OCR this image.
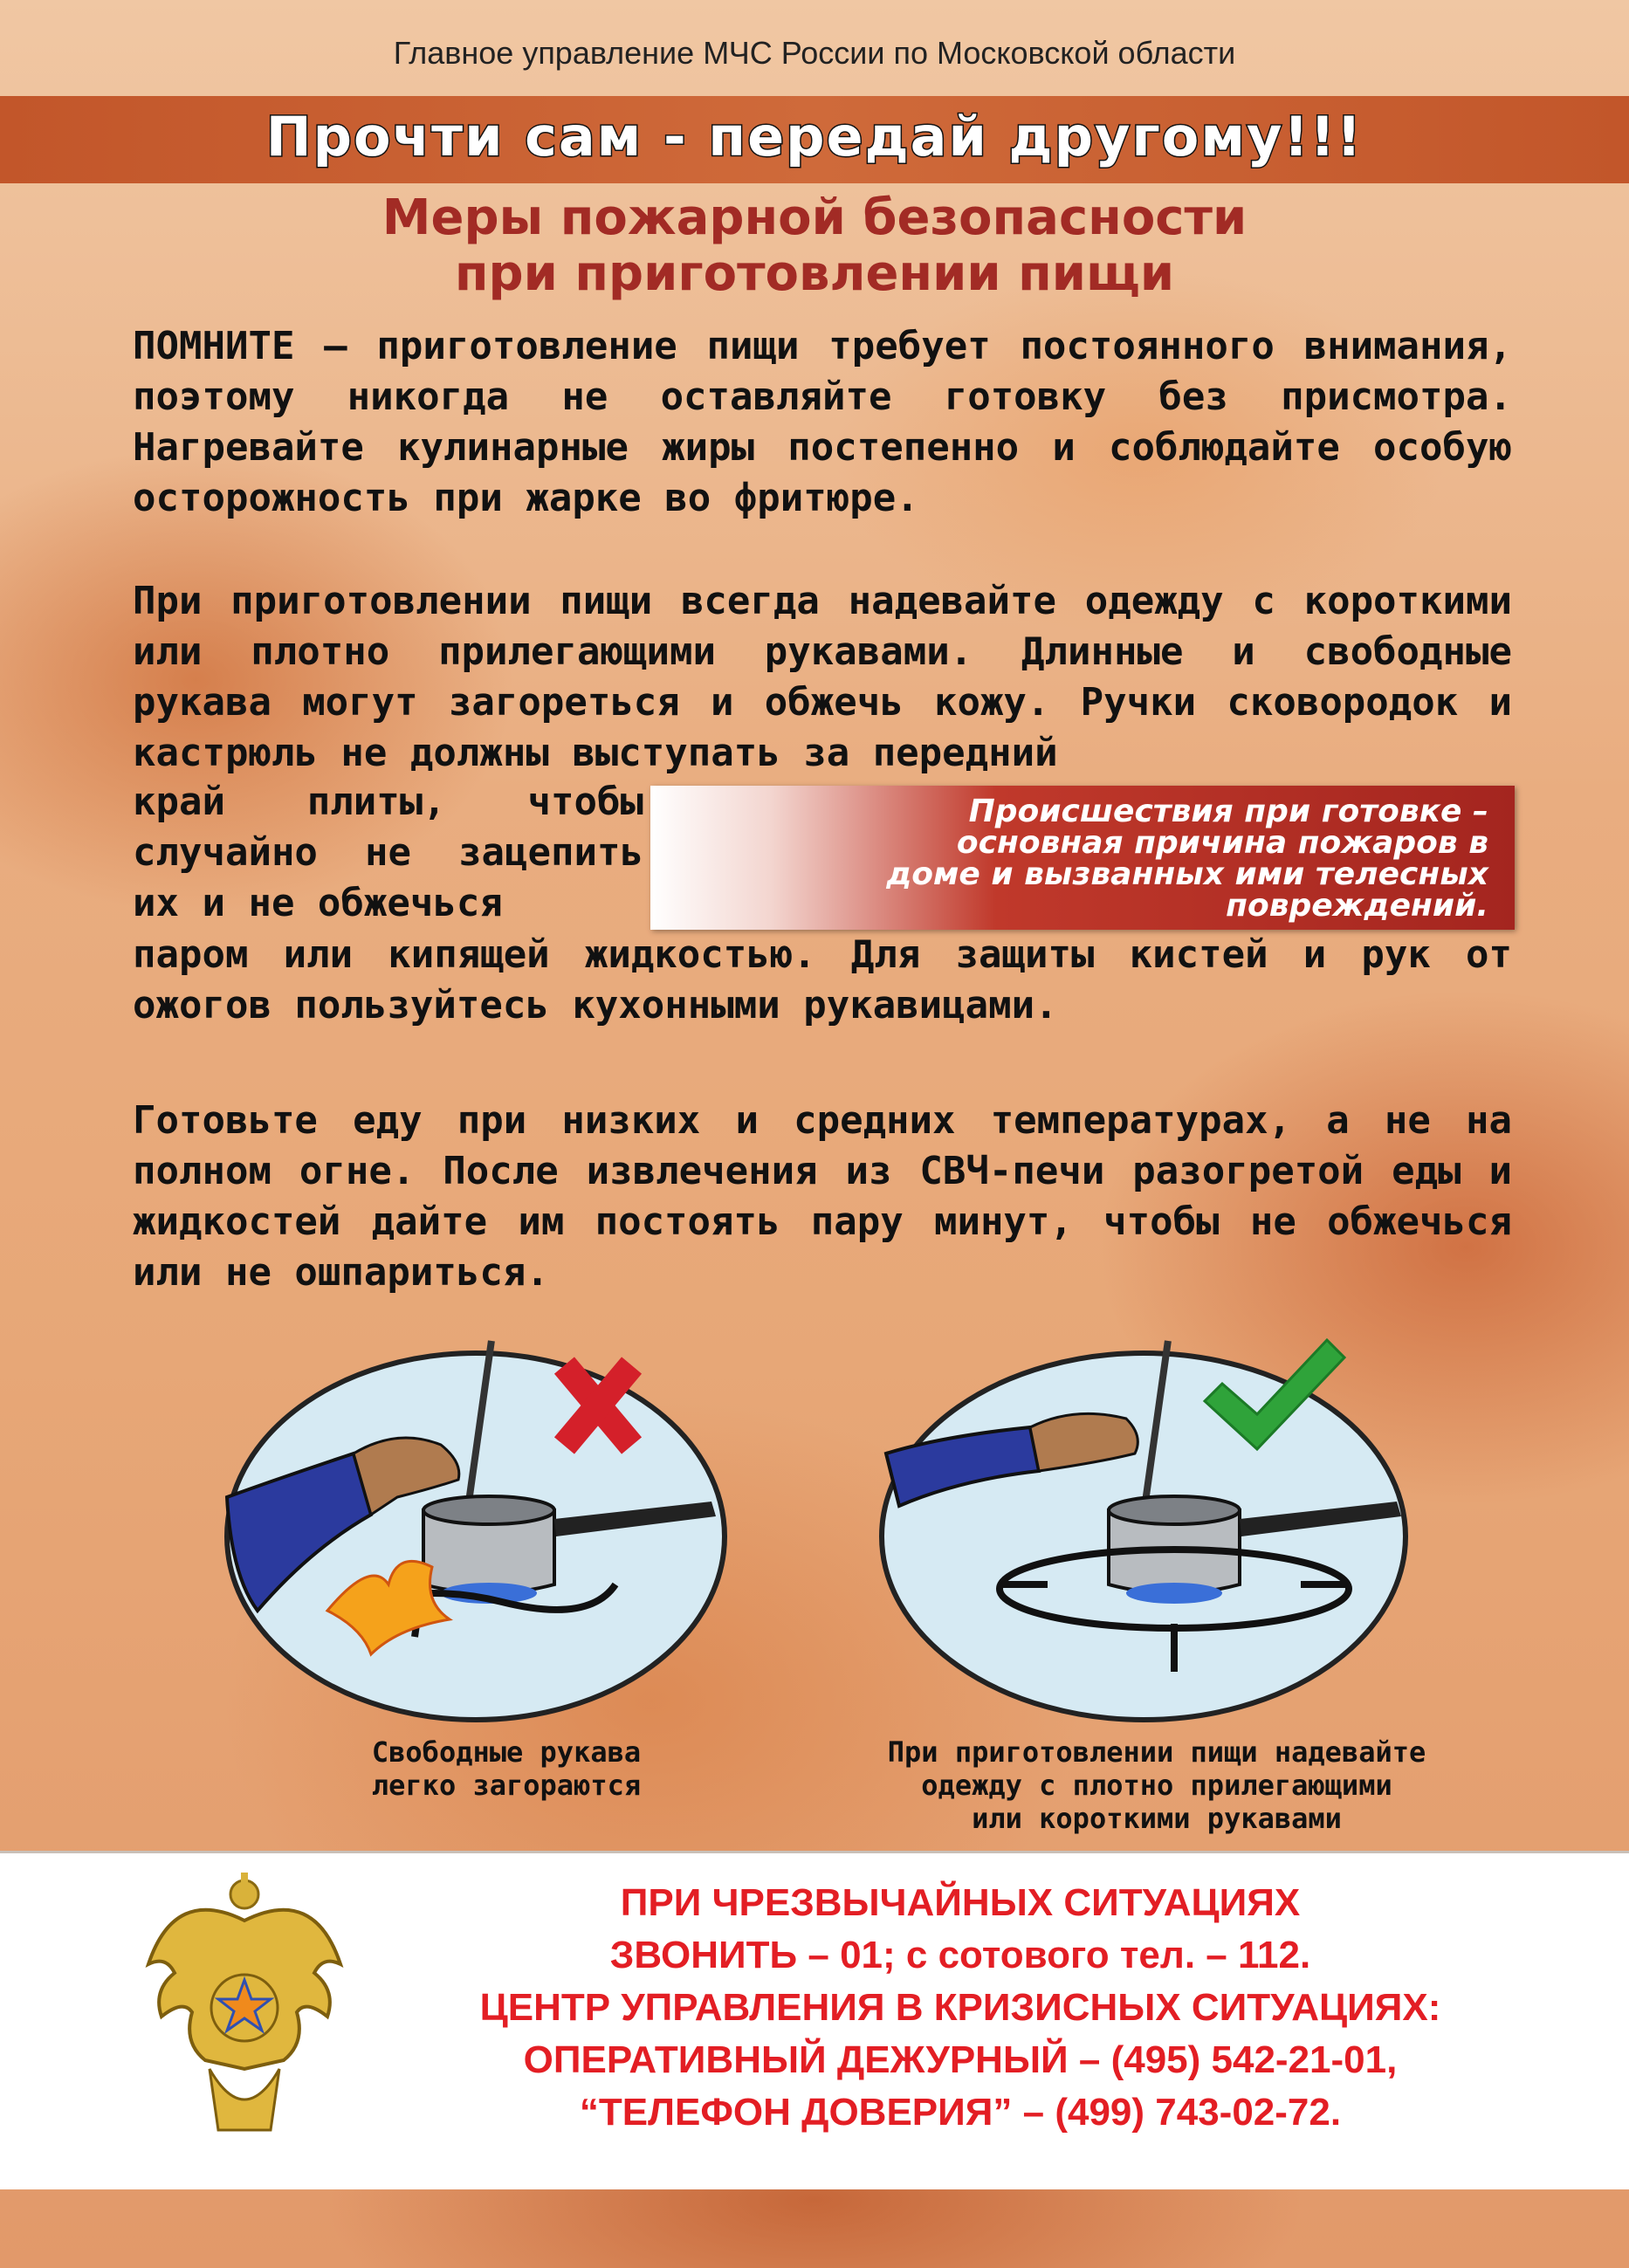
Главное управление МЧС России по Московской области
Прочти сам - передай другому!!!
Меры пожарной безопасности
при приготовлении пищи

ПОМНИТЕ – приготовление пищи требует постоянного внимания, поэтому никогда не оставляйте готовку без присмотра. Нагревайте кулинарные жиры постепенно и соблюдайте особую осторожность при жарке во фритюре.

При приготовлении пищи всегда надевайте одежду с короткими или плотно прилегающими рукавами. Длинные и свободные рукава могут загореться и обжечь кожу. Ручки сковородок и кастрюль не должны выступать за передний

край плиты, чтобы случайно не зацепить их и не обжечься

Происшествия при готовке –
основная причина пожаров в
доме и вызванных ими телесных
повреждений.

паром или кипящей жидкостью. Для защиты кистей и рук от ожогов пользуйтесь кухонными рукавицами.

Готовьте еду при низких и средних температурах, а не на полном огне. После извлечения из СВЧ-печи разогретой еды и жидкостей дайте им постоять пару минут, чтобы не обжечься или не ошпариться.

Свободные рукава
легко загораются
При приготовлении пищи надевайте
одежду с плотно прилегающими
или короткими рукавами
ПРИ ЧРЕЗВЫЧАЙНЫХ СИТУАЦИЯХ
ЗВОНИТЬ – 01; с сотового тел. – 112.
ЦЕНТР УПРАВЛЕНИЯ В КРИЗИСНЫХ СИТУАЦИЯХ:
ОПЕРАТИВНЫЙ ДЕЖУРНЫЙ – (495) 542-21-01,
“ТЕЛЕФОН ДОВЕРИЯ” – (499) 743-02-72.
